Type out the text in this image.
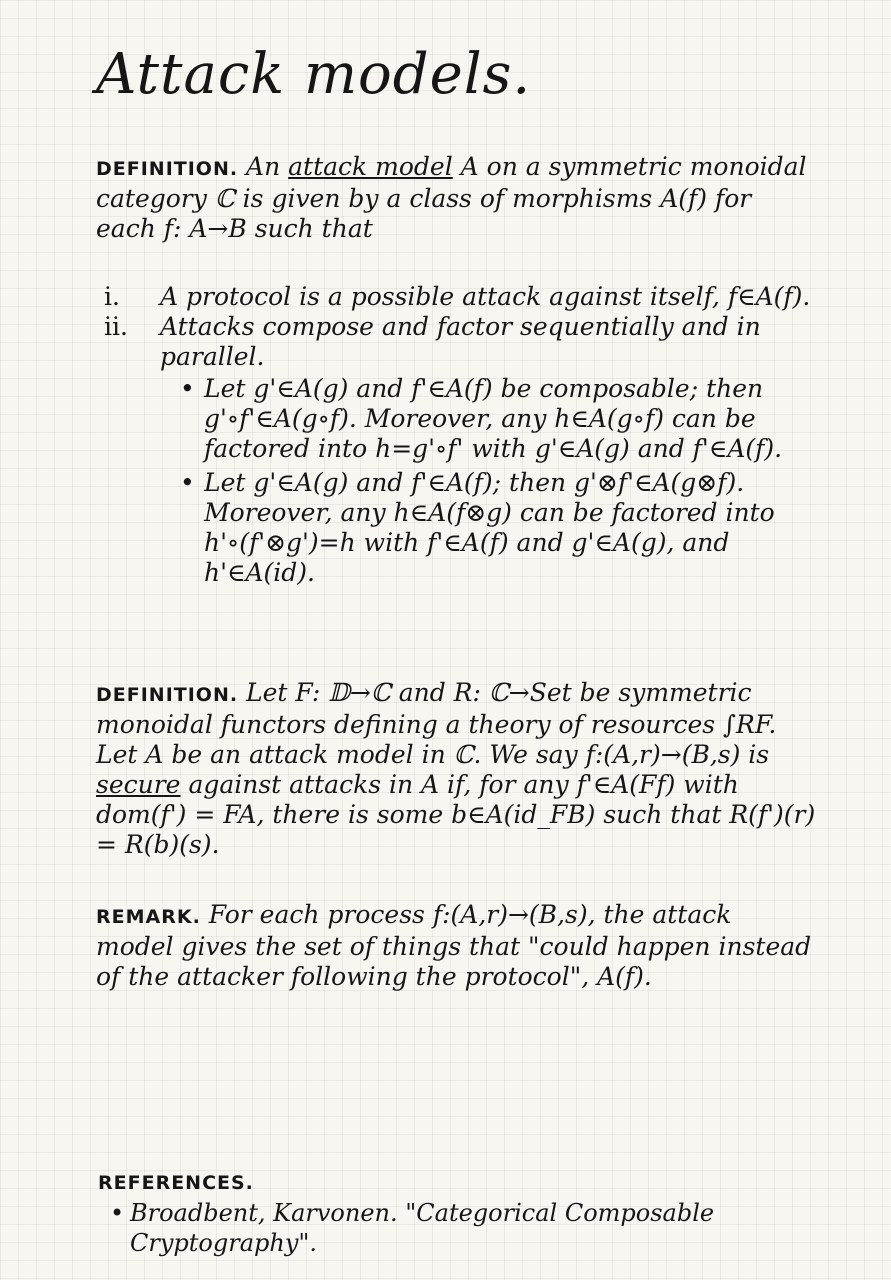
Attack models.

DEFINITION. An attack model A on a symmetric monoidal category ℂ is given by a class of morphisms A(f) for each f: A→B such that

i.	A protocol is a possible attack against itself, f∈A(f).
ii.	Attacks compose and factor sequentially and in parallel.
• Let g'∈A(g) and f'∈A(f) be composable; then g'∘f'∈A(g∘f). Moreover, any h∈A(g∘f) can be factored into h=g'∘f' with g'∈A(g) and f'∈A(f).
• Let g'∈A(g) and f'∈A(f); then g'⊗f'∈A(g⊗f). Moreover, any h∈A(f⊗g) can be factored into h'∘(f'⊗g')=h with f'∈A(f) and g'∈A(g), and h'∈A(id).

DEFINITION. Let F: 𝔻→ℂ and R: ℂ→Set be symmetric monoidal functors defining a theory of resources ∫RF. Let A be an attack model in ℂ. We say f:(A,r)→(B,s) is secure against attacks in A if, for any f'∈A(Ff) with dom(f') = FA, there is some b∈A(id_FB) such that R(f')(r) = R(b)(s).

REMARK. For each process f:(A,r)→(B,s), the attack model gives the set of things that "could happen instead of the attacker following the protocol", A(f).

REFERENCES.
• Broadbent, Karvonen. "Categorical Composable Cryptography".
